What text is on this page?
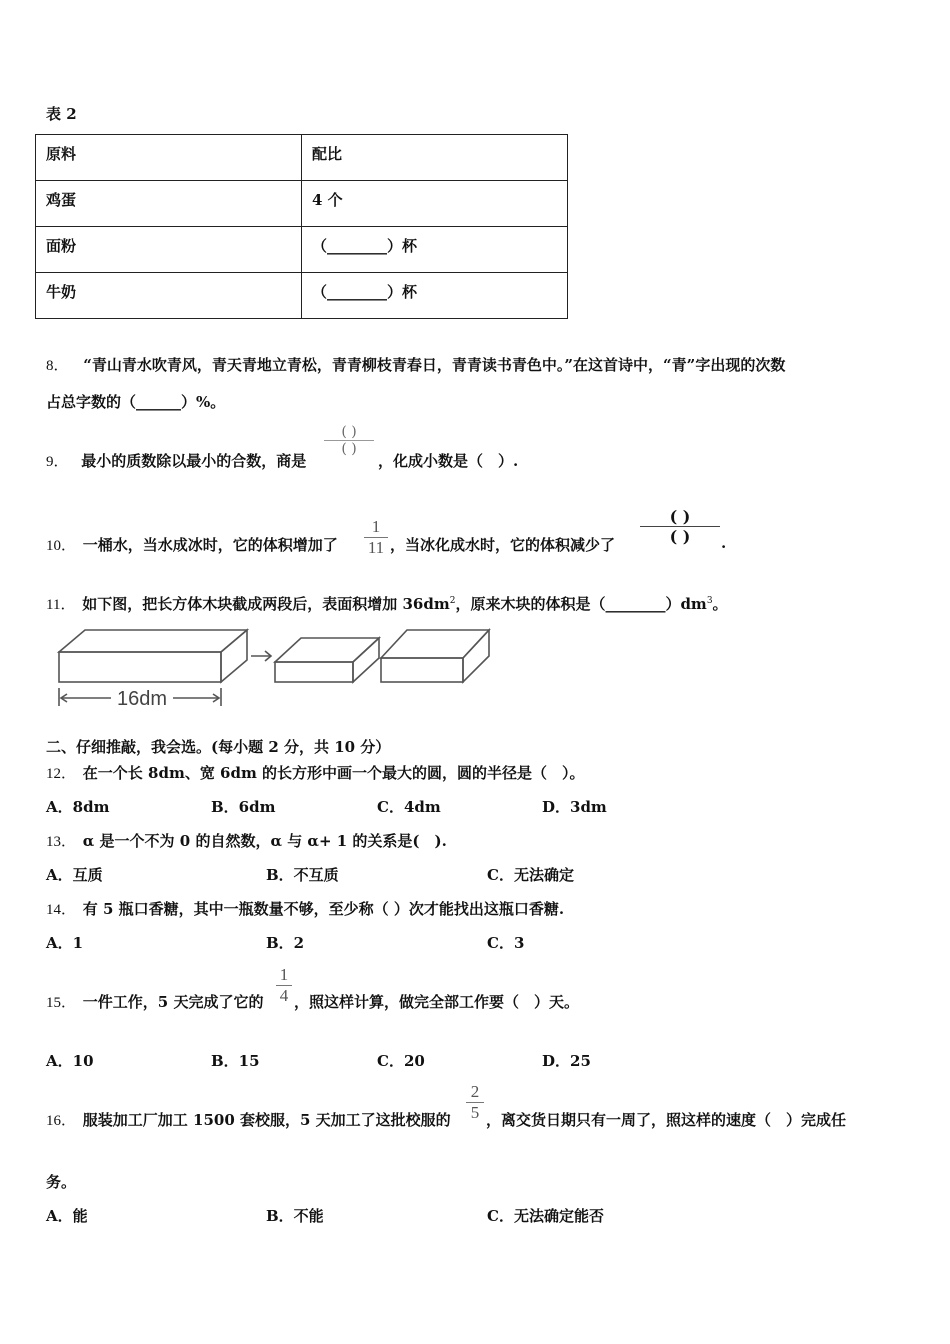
表 2
原料	配比
鸡蛋	4 个
面粉	（________）杯
牛奶	（________）杯
8． “青山青水吹青风，青天青地立青松，青青柳枝青春日，青青读书青色中。”在这首诗中，“青”字出现的次数
占总字数的（______）%。
( )
( )
9． 最小的质数除以最小的合数，商是	，化成小数是（　）.
10． 一桶水，当水成冰时，它的体积增加了
1
11 ，当冰化成水时，它的体积减少了
( )
( )	.
11． 如下图，把长方体木块截成两段后，表面积增加 $36dm^2$，原来木块的体积是$(\_\_\_\_\_\_\_\_)dm^3$。
16dm
二、仔细推敲，我会选。(每小题 2 分，共 10 分）
12． 在一个长 8dm、宽 6dm 的长方形中画一个最大的圆，圆的半径是（　）。
A．8dm	B．6dm	C．4dm	D．3dm
13． α 是一个不为 0 的自然数，α 与 α+ 1 的关系是(　).
A．互质	B．不互质	C．无法确定
14． 有 5 瓶口香糖，其中一瓶数量不够，至少称（ ）次才能找出这瓶口香糖.
A．1	B．2	C．3
15． 一件工作，5 天完成了它的
1
4 ，照这样计算，做完全部工作要（　）天。
A．10	B．15	C．20	D．25
16． 服装加工厂加工 1500 套校服，5 天加工了这批校服的
2
5 ，离交货日期只有一周了，照这样的速度（　）完成任
务。
A．能	B．不能	C．无法确定能否
